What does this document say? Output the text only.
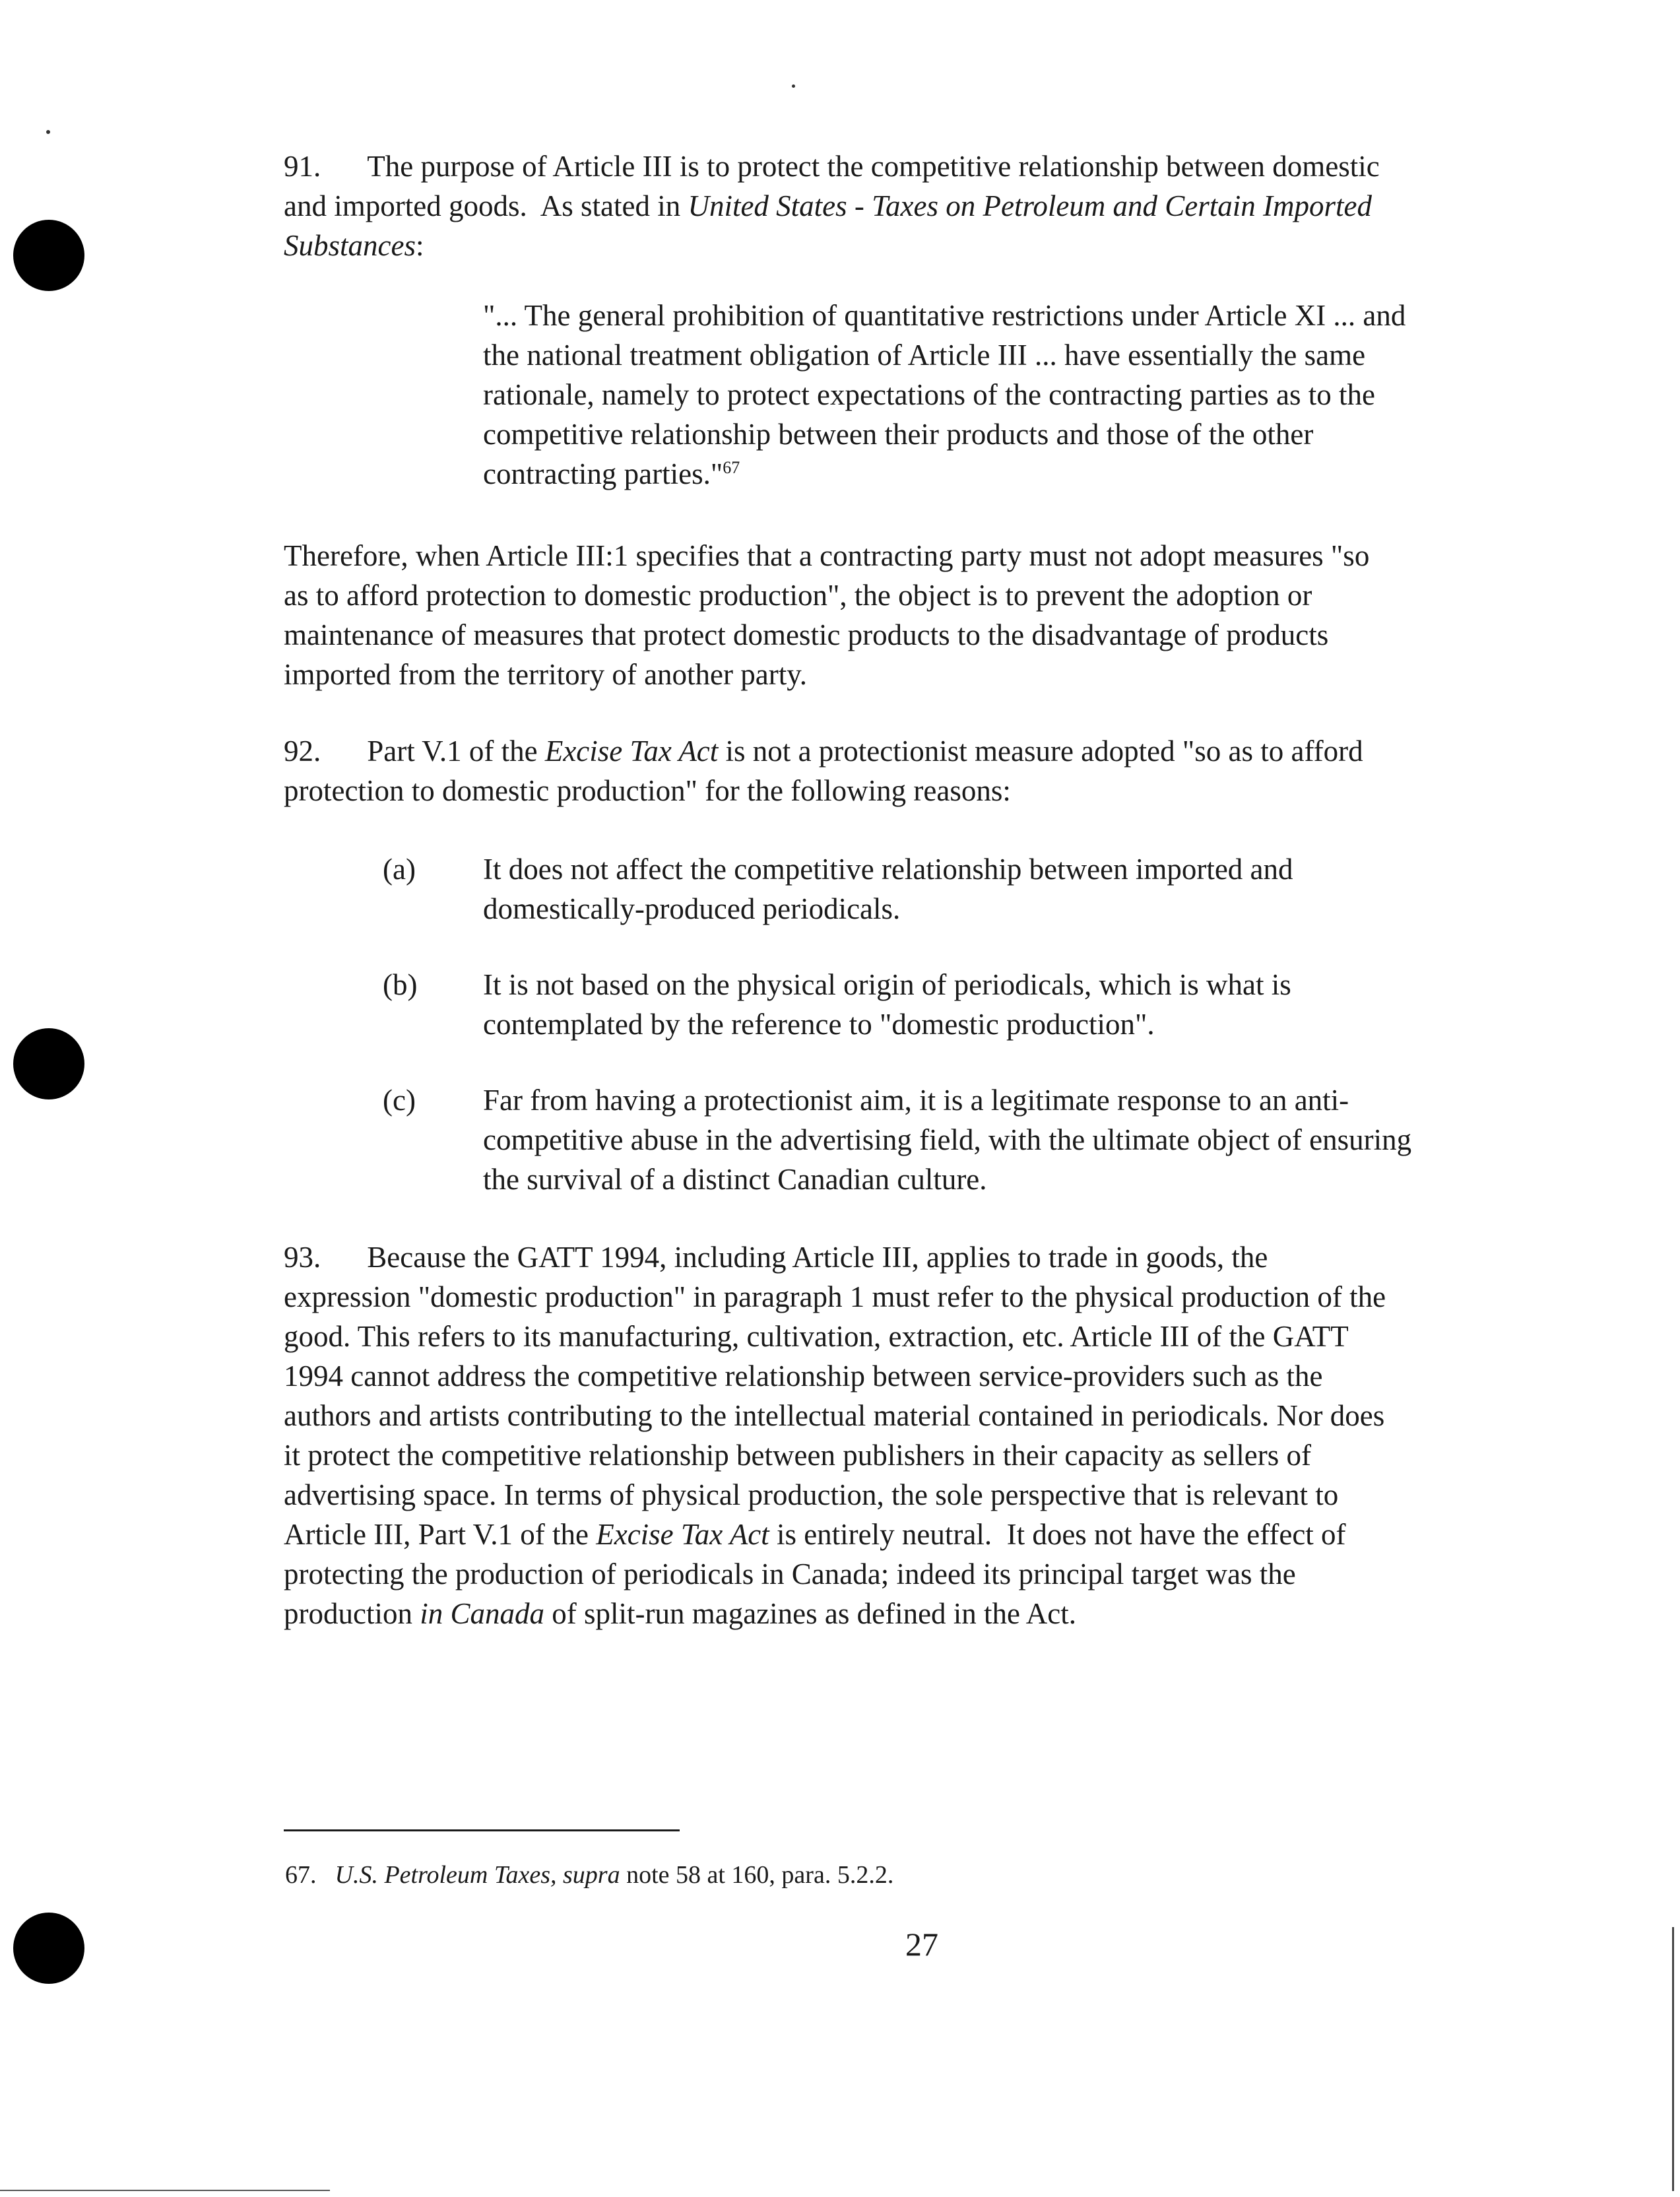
91. The purpose of Article III is to protect the competitive relationship between domestic
and imported goods.  As stated in United States - Taxes on Petroleum and Certain Imported
Substances:
"... The general prohibition of quantitative restrictions under Article XI ... and
the national treatment obligation of Article III ... have essentially the same
rationale, namely to protect expectations of the contracting parties as to the
competitive relationship between their products and those of the other
contracting parties."$^{67}$
Therefore, when Article III:1 specifies that a contracting party must not adopt measures "so
as to afford protection to domestic production", the object is to prevent the adoption or
maintenance of measures that protect domestic products to the disadvantage of products
imported from the territory of another party.
92. Part V.1 of the Excise Tax Act is not a protectionist measure adopted "so as to afford
protection to domestic production" for the following reasons:
(a) It does not affect the competitive relationship between imported and
domestically-produced periodicals.
(b) It is not based on the physical origin of periodicals, which is what is
contemplated by the reference to "domestic production".
(c) Far from having a protectionist aim, it is a legitimate response to an anti-
competitive abuse in the advertising field, with the ultimate object of ensuring
the survival of a distinct Canadian culture.
93. Because the GATT 1994, including Article III, applies to trade in goods, the
expression "domestic production" in paragraph 1 must refer to the physical production of the
good. This refers to its manufacturing, cultivation, extraction, etc. Article III of the GATT
1994 cannot address the competitive relationship between service-providers such as the
authors and artists contributing to the intellectual material contained in periodicals. Nor does
it protect the competitive relationship between publishers in their capacity as sellers of
advertising space. In terms of physical production, the sole perspective that is relevant to
Article III, Part V.1 of the Excise Tax Act is entirely neutral.  It does not have the effect of
protecting the production of periodicals in Canada; indeed its principal target was the
production in Canada of split-run magazines as defined in the Act.
67. U.S. Petroleum Taxes, supra note 58 at 160, para. 5.2.2.
27
